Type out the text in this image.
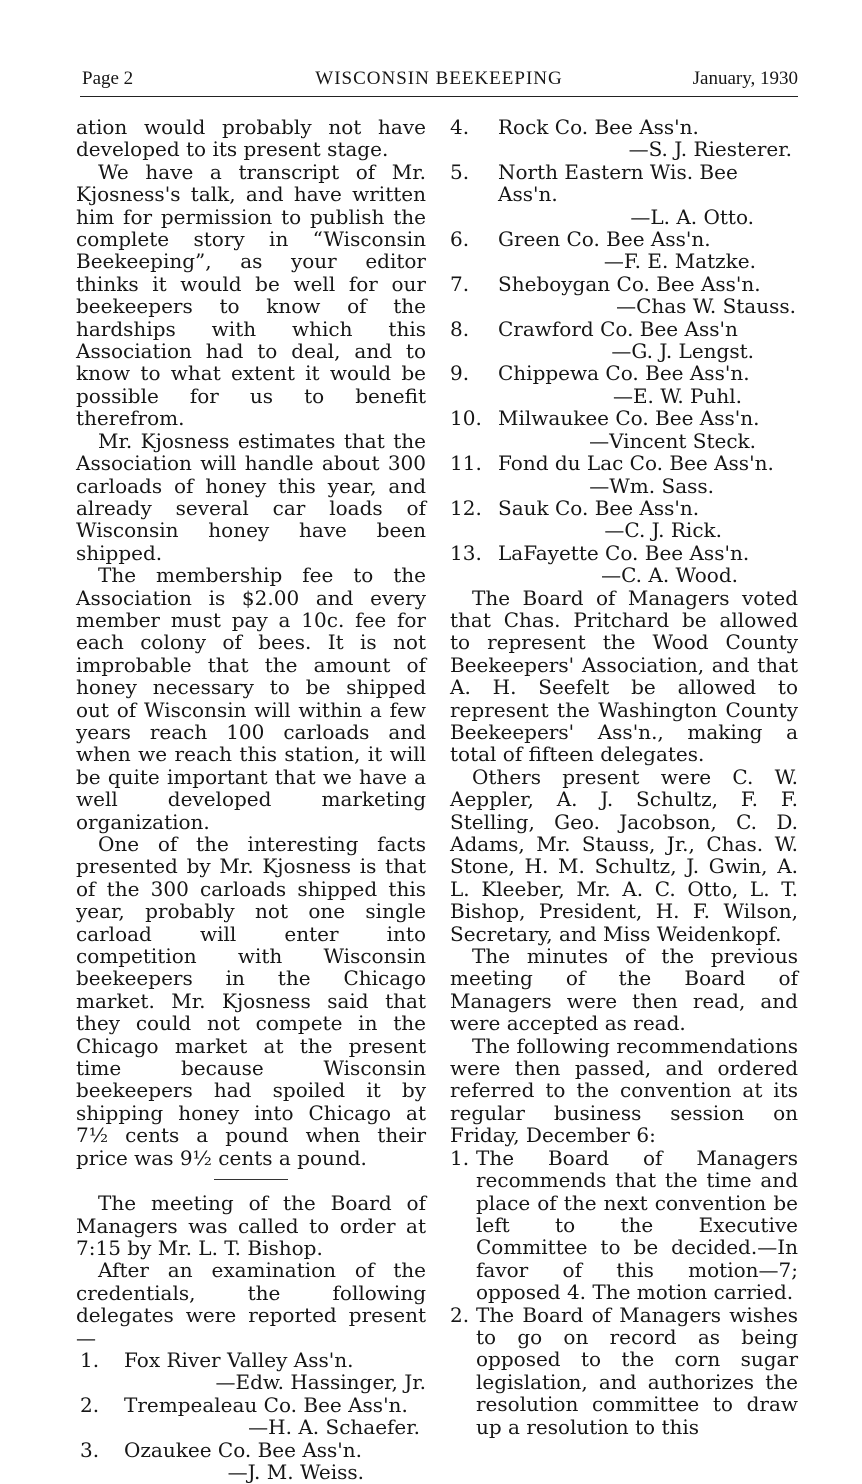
Page 2	WISCONSIN BEEKEEPING	January, 1930

ation would probably not have developed to its present stage.

We have a transcript of Mr. Kjosness's talk, and have written him for permission to publish the complete story in “Wisconsin Beekeeping”, as your editor thinks it would be well for our beekeepers to know of the hardships with which this Association had to deal, and to know to what extent it would be possible for us to benefit therefrom.

Mr. Kjosness estimates that the Association will handle about 300 carloads of honey this year, and already several car loads of Wisconsin honey have been shipped.

The membership fee to the Association is $2.00 and every member must pay a 10c. fee for each colony of bees. It is not improbable that the amount of honey necessary to be shipped out of Wisconsin will within a few years reach 100 carloads and when we reach this station, it will be quite important that we have a well developed marketing organization.

One of the interesting facts presented by Mr. Kjosness is that of the 300 carloads shipped this year, probably not one single carload will enter into competition with Wisconsin beekeepers in the Chicago market. Mr. Kjosness said that they could not compete in the Chicago market at the present time because Wisconsin beekeepers had spoiled it by shipping honey into Chicago at 7½ cents a pound when their price was 9½ cents a pound.

The meeting of the Board of Managers was called to order at 7:15 by Mr. L. T. Bishop.

After an examination of the credentials, the following delegates were reported present—

1.	Fox River Valley Ass'n.
—Edw. Hassinger, Jr.
2.	Trempealeau Co. Bee Ass'n.
—H. A. Schaefer.
3.	Ozaukee Co. Bee Ass'n.
—J. M. Weiss.
4.	Rock Co. Bee Ass'n.
—S. J. Riesterer.
5.	North Eastern Wis. Bee Ass'n.
—L. A. Otto.
6.	Green Co. Bee Ass'n.
—F. E. Matzke.
7.	Sheboygan Co. Bee Ass'n.
—Chas W. Stauss.
8.	Crawford Co. Bee Ass'n
—G. J. Lengst.
9.	Chippewa Co. Bee Ass'n.
—E. W. Puhl.
10. Milwaukee Co. Bee Ass'n.
—Vincent Steck.
11. Fond du Lac Co. Bee Ass'n.
—Wm. Sass.
12. Sauk Co. Bee Ass'n.
—C. J. Rick.
13. LaFayette Co. Bee Ass'n.
—C. A. Wood.

The Board of Managers voted that Chas. Pritchard be allowed to represent the Wood County Beekeepers' Association, and that A. H. Seefelt be allowed to represent the Washington County Beekeepers' Ass'n., making a total of fifteen delegates.

Others present were C. W. Aeppler, A. J. Schultz, F. F. Stelling, Geo. Jacobson, C. D. Adams, Mr. Stauss, Jr., Chas. W. Stone, H. M. Schultz, J. Gwin, A. L. Kleeber, Mr. A. C. Otto, L. T. Bishop, President, H. F. Wilson, Secretary, and Miss Weidenkopf.

The minutes of the previous meeting of the Board of Managers were then read, and were accepted as read.

The following recommendations were then passed, and ordered referred to the convention at its regular business session on Friday, December 6:

1. The Board of Managers recommends that the time and place of the next convention be left to the Executive Committee to be decided.—In favor of this motion—7; opposed 4. The motion carried.
2. The Board of Managers wishes to go on record as being opposed to the corn sugar legislation, and authorizes the resolution committee to draw up a resolution to this
